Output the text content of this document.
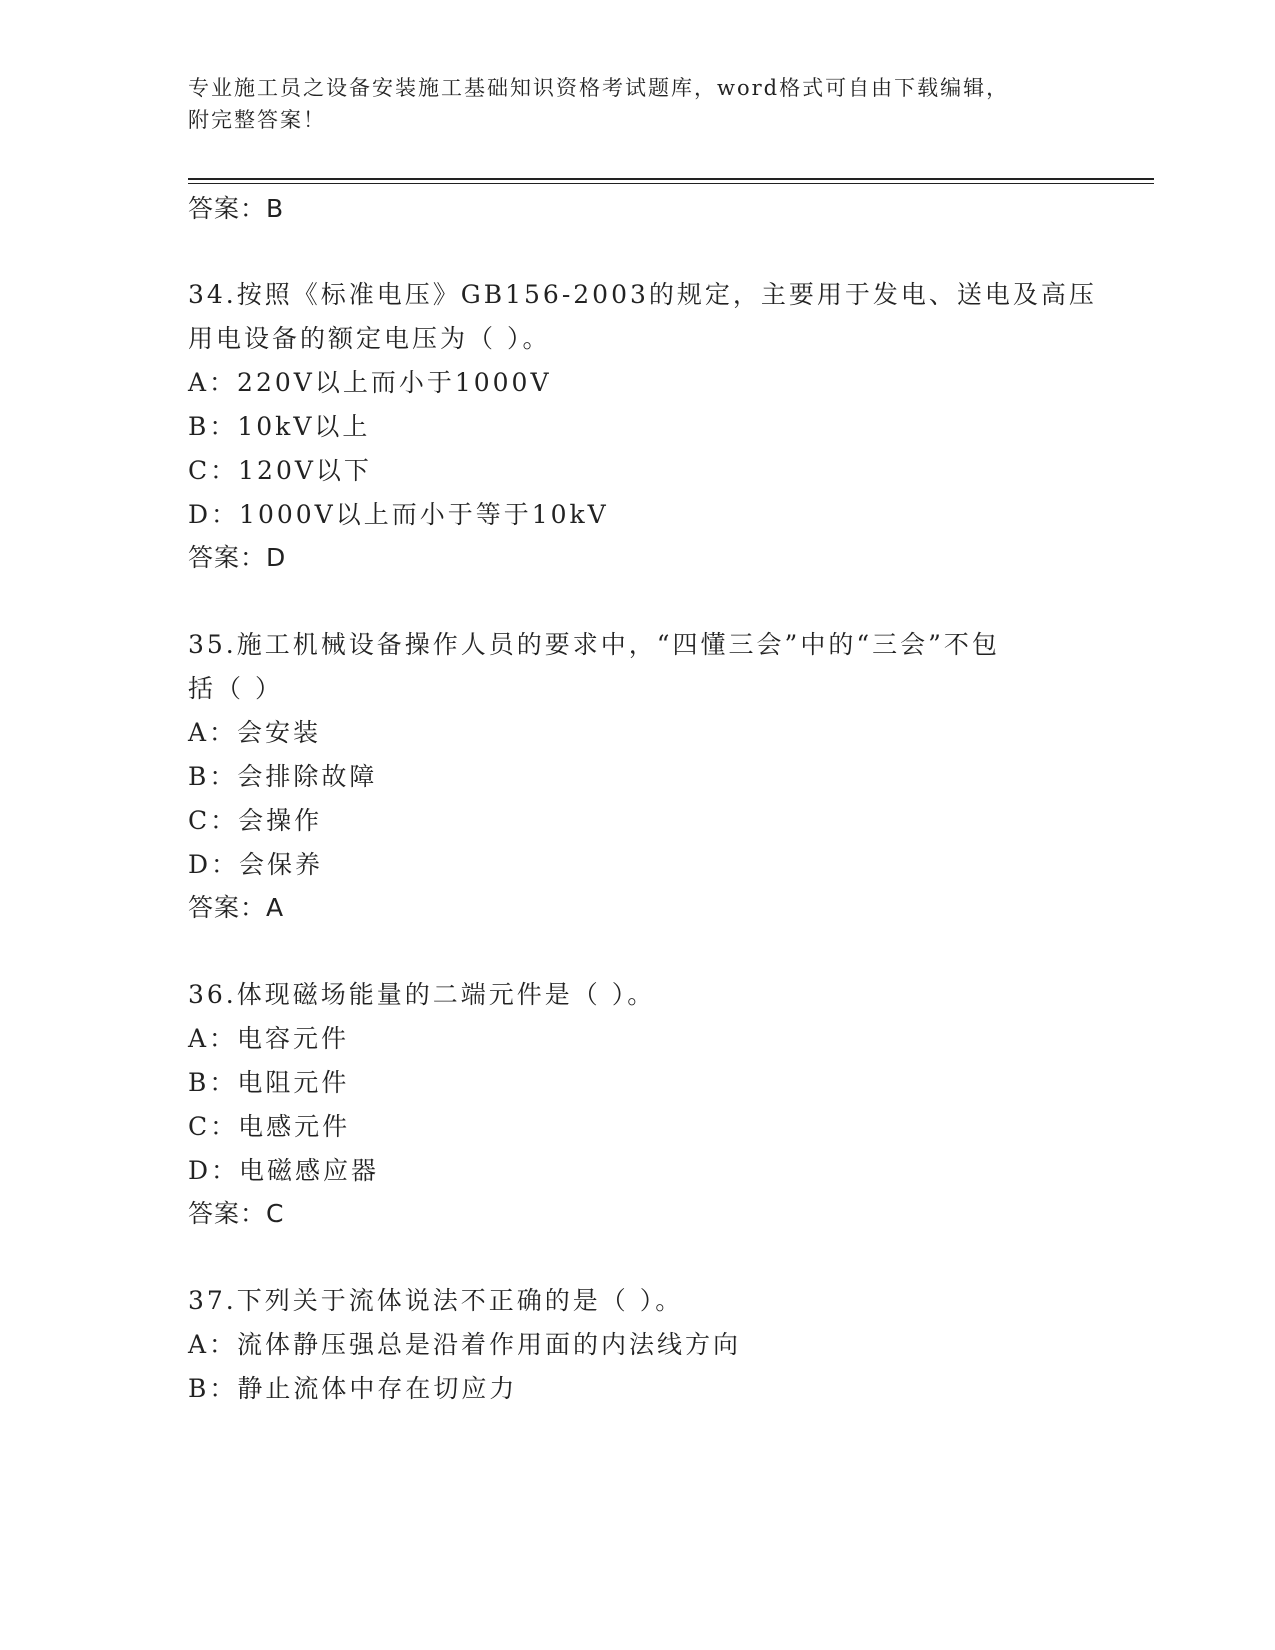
专业施工员之设备安装施工基础知识资格考试题库，word格式可自由下载编辑，
附完整答案！
答案：B
34.按照《标准电压》GB156-2003的规定，主要用于发电、送电及高压
用电设备的额定电压为（ ）。
A：220V以上而小于1000V
B：10kV以上
C：120V以下
D：1000V以上而小于等于10kV
答案：D
35.施工机械设备操作人员的要求中，“四懂三会”中的“三会”不包
括（ ）
A：会安装
B：会排除故障
C：会操作
D：会保养
答案：A
36.体现磁场能量的二端元件是（ ）。
A：电容元件
B：电阻元件
C：电感元件
D：电磁感应器
答案：C
37.下列关于流体说法不正确的是（ ）。
A：流体静压强总是沿着作用面的内法线方向
B：静止流体中存在切应力
